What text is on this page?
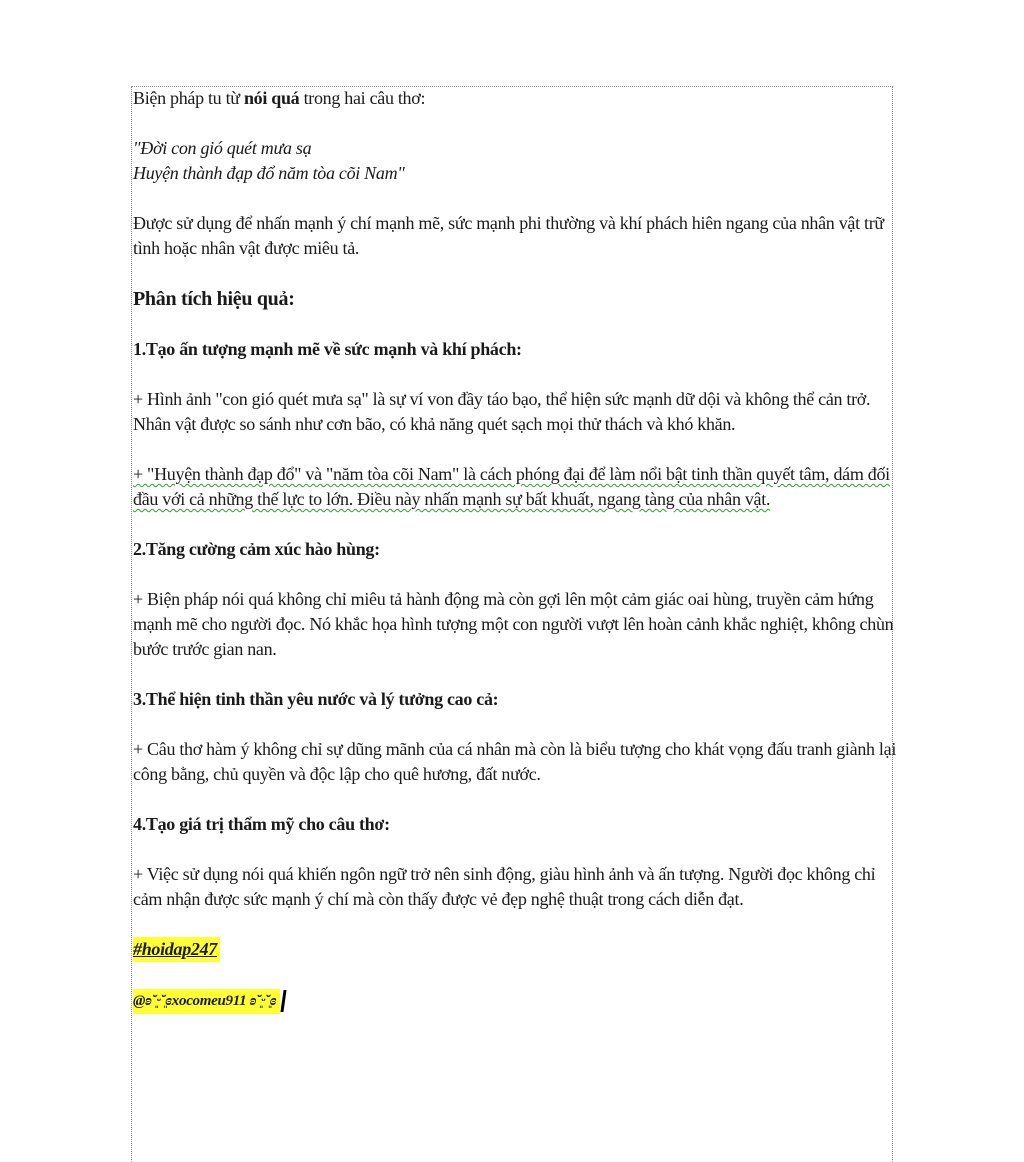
Biện pháp tu từ nói quá trong hai câu thơ:

"Đời con gió quét mưa sạ
Huyện thành đạp đổ năm tòa cõi Nam"

Được sử dụng để nhấn mạnh ý chí mạnh mẽ, sức mạnh phi thường và khí phách hiên ngang của nhân vật trữ tình hoặc nhân vật được miêu tả.

Phân tích hiệu quả:

1.Tạo ấn tượng mạnh mẽ về sức mạnh và khí phách:

+ Hình ảnh "con gió quét mưa sạ" là sự ví von đầy táo bạo, thể hiện sức mạnh dữ dội và không thể cản trở. Nhân vật được so sánh như cơn bão, có khả năng quét sạch mọi thử thách và khó khăn.

+ "Huyện thành đạp đổ" và "năm tòa cõi Nam" là cách phóng đại để làm nổi bật tinh thần quyết tâm, dám đối đầu với cả những thế lực to lớn. Điều này nhấn mạnh sự bất khuất, ngang tàng của nhân vật.

2.Tăng cường cảm xúc hào hùng:

+ Biện pháp nói quá không chỉ miêu tả hành động mà còn gợi lên một cảm giác oai hùng, truyền cảm hứng mạnh mẽ cho người đọc. Nó khắc họa hình tượng một con người vượt lên hoàn cảnh khắc nghiệt, không chùn bước trước gian nan.

3.Thể hiện tinh thần yêu nước và lý tưởng cao cả:

+ Câu thơ hàm ý không chỉ sự dũng mãnh của cá nhân mà còn là biểu tượng cho khát vọng đấu tranh giành lại công bằng, chủ quyền và độc lập cho quê hương, đất nước.

4.Tạo giá trị thẩm mỹ cho câu thơ:

+ Việc sử dụng nói quá khiến ngôn ngữ trở nên sinh động, giàu hình ảnh và ấn tượng. Người đọc không chỉ cảm nhận được sức mạnh ý chí mà còn thấy được vẻ đẹp nghệ thuật trong cách diễn đạt.

#hoidap247

@ʚ˘͈ᵕ˘͈ɞxocomeu911 ʚ˘͈ᵕ˘͈ɞ
